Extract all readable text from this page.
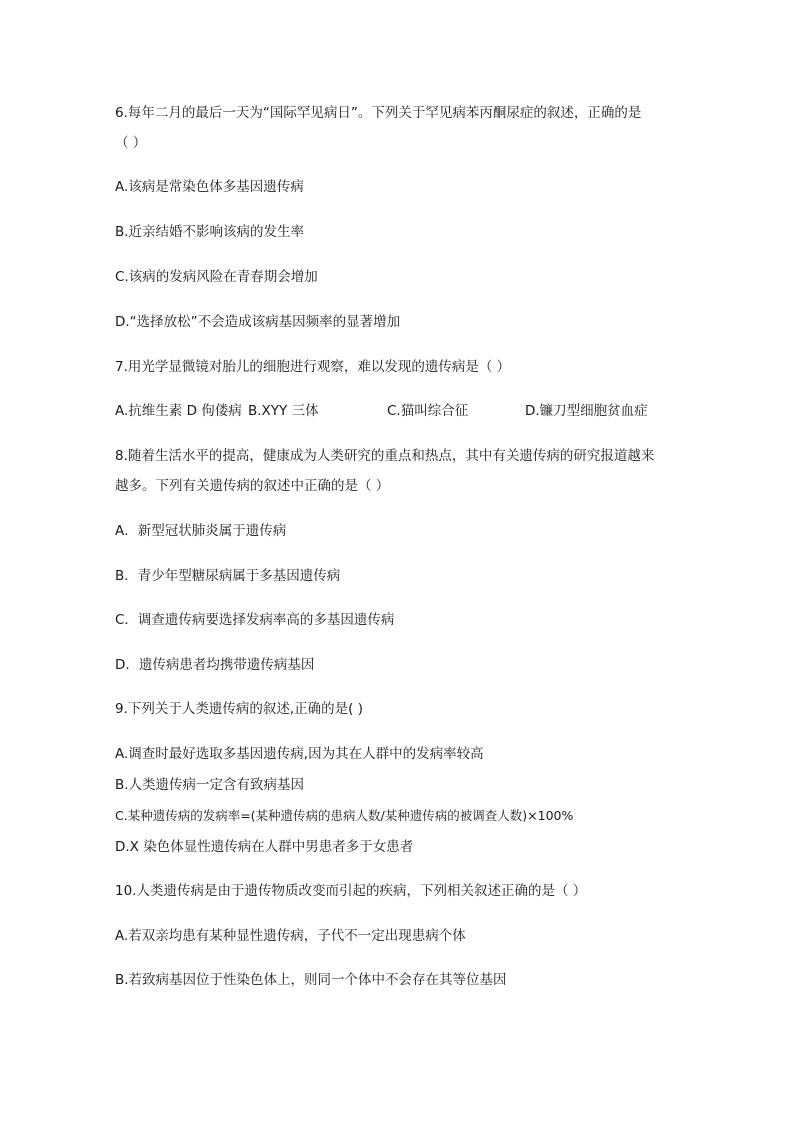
6.每年二月的最后一天为“国际罕见病日”。下列关于罕见病苯丙酮尿症的叙述，正确的是
（ ）
A.该病是常染色体多基因遗传病
B.近亲结婚不影响该病的发生率
C.该病的发病风险在青春期会增加
D.“选择放松”不会造成该病基因频率的显著增加
7.用光学显微镜对胎儿的细胞进行观察，难以发现的遗传病是（ ）
A.抗维生素 D 佝偻病 B.XYY 三体	C.猫叫综合征	D.镰刀型细胞贫血症
8.随着生活水平的提高，健康成为人类研究的重点和热点，其中有关遗传病的研究报道越来
越多。下列有关遗传病的叙述中正确的是（ ）
A．新型冠状肺炎属于遗传病
B．青少年型糖尿病属于多基因遗传病
C．调查遗传病要选择发病率高的多基因遗传病
D．遗传病患者均携带遗传病基因
9.下列关于人类遗传病的叙述,正确的是( )
A.调查时最好选取多基因遗传病,因为其在人群中的发病率较高
B.人类遗传病一定含有致病基因
C.某种遗传病的发病率=(某种遗传病的患病人数/某种遗传病的被调查人数)×100%
D.X 染色体显性遗传病在人群中男患者多于女患者
10.人类遗传病是由于遗传物质改变而引起的疾病，下列相关叙述正确的是（ ）
A.若双亲均患有某种显性遗传病，子代不一定出现患病个体
B.若致病基因位于性染色体上，则同一个体中不会存在其等位基因
